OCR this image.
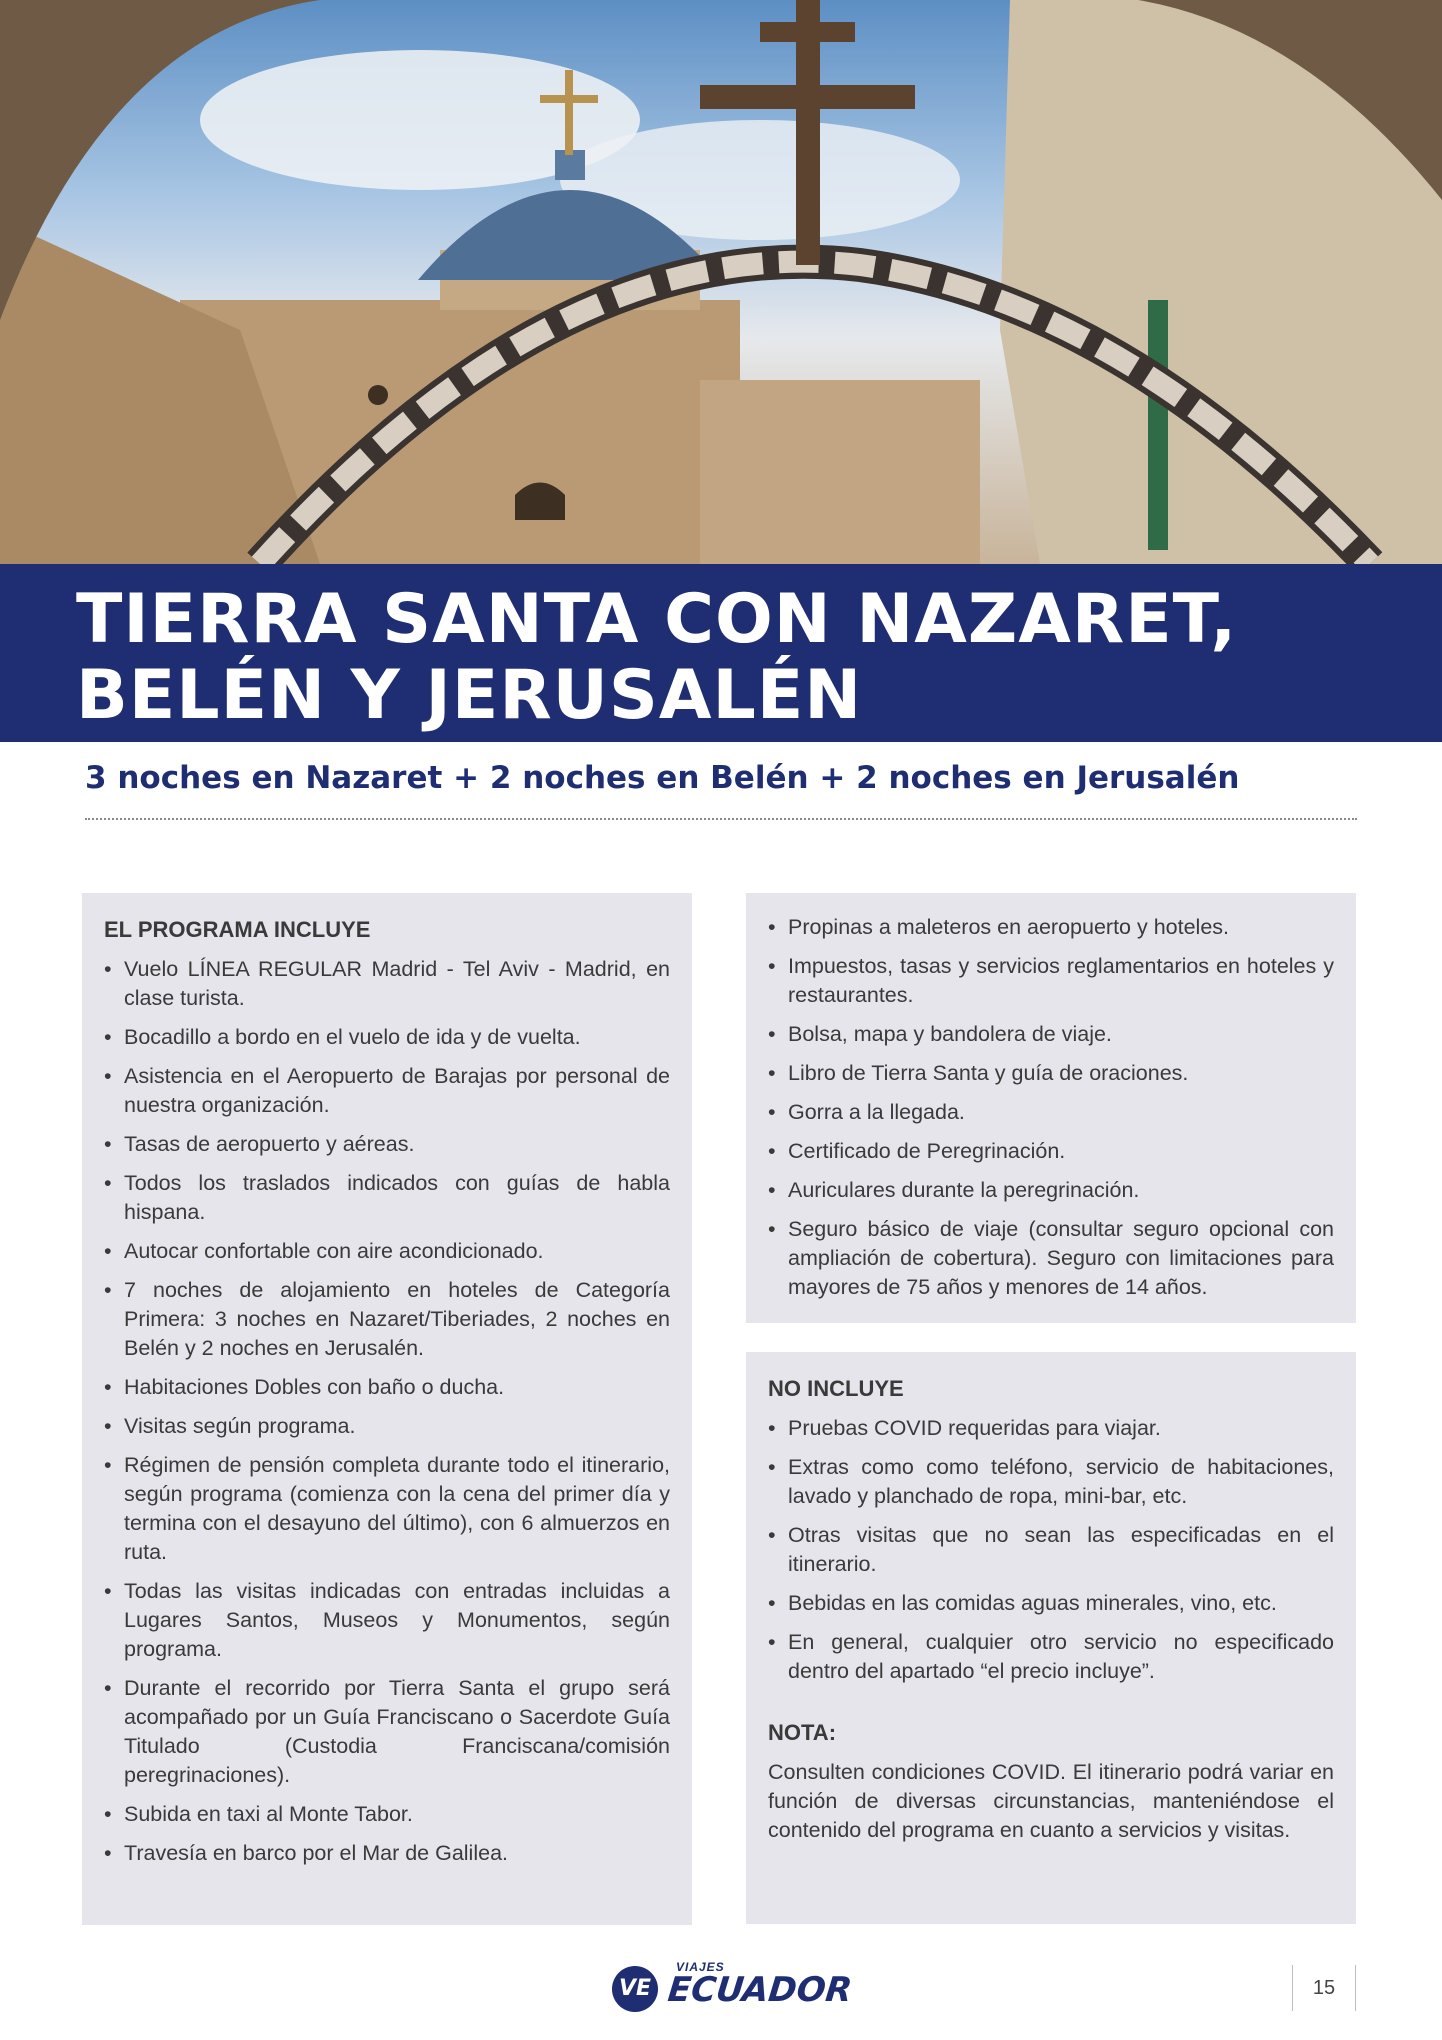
TIERRA SANTA CON NAZARET,
BELÉN Y JERUSALÉN

3 noches en Nazaret + 2 noches en Belén + 2 noches en Jerusalén

EL PROGRAMA INCLUYE
• Vuelo LÍNEA REGULAR Madrid - Tel Aviv - Madrid, en clase turista.
• Bocadillo a bordo en el vuelo de ida y de vuelta.
• Asistencia en el Aeropuerto de Barajas por personal de nuestra organización.
• Tasas de aeropuerto y aéreas.
• Todos los traslados indicados con guías de habla hispana.
• Autocar confortable con aire acondicionado.
• 7 noches de alojamiento en hoteles de Categoría Primera: 3 noches en Nazaret/Tiberiades, 2 noches en Belén y 2 noches en Jerusalén.
• Habitaciones Dobles con baño o ducha.
• Visitas según programa.
• Régimen de pensión completa durante todo el itinerario, según programa (comienza con la cena del primer día y termina con el desayuno del último), con 6 almuerzos en ruta.
• Todas las visitas indicadas con entradas incluidas a Lugares Santos, Museos y Monumentos, según programa.
• Durante el recorrido por Tierra Santa el grupo será acompañado por un Guía Franciscano o Sacerdote Guía Titulado (Custodia Franciscana/comisión peregrinaciones).
• Subida en taxi al Monte Tabor.
• Travesía en barco por el Mar de Galilea.
• Propinas a maleteros en aeropuerto y hoteles.
• Impuestos, tasas y servicios reglamentarios en hoteles y restaurantes.
• Bolsa, mapa y bandolera de viaje.
• Libro de Tierra Santa y guía de oraciones.
• Gorra a la llegada.
• Certificado de Peregrinación.
• Auriculares durante la peregrinación.
• Seguro básico de viaje (consultar seguro opcional con ampliación de cobertura). Seguro con limitaciones para mayores de 75 años y menores de 14 años.
NO INCLUYE
• Pruebas COVID requeridas para viajar.
• Extras como como teléfono, servicio de habitaciones, lavado y planchado de ropa, mini-bar, etc.
• Otras visitas que no sean las especificadas en el itinerario.
• Bebidas en las comidas aguas minerales, vino, etc.
• En general, cualquier otro servicio no especificado dentro del apartado “el precio incluye”.
NOTA:

Consulten condiciones COVID. El itinerario podrá variar en función de diversas circunstancias, manteniéndose el contenido del programa en cuanto a servicios y visitas.

VE
VIAJES
ECUADOR	15
